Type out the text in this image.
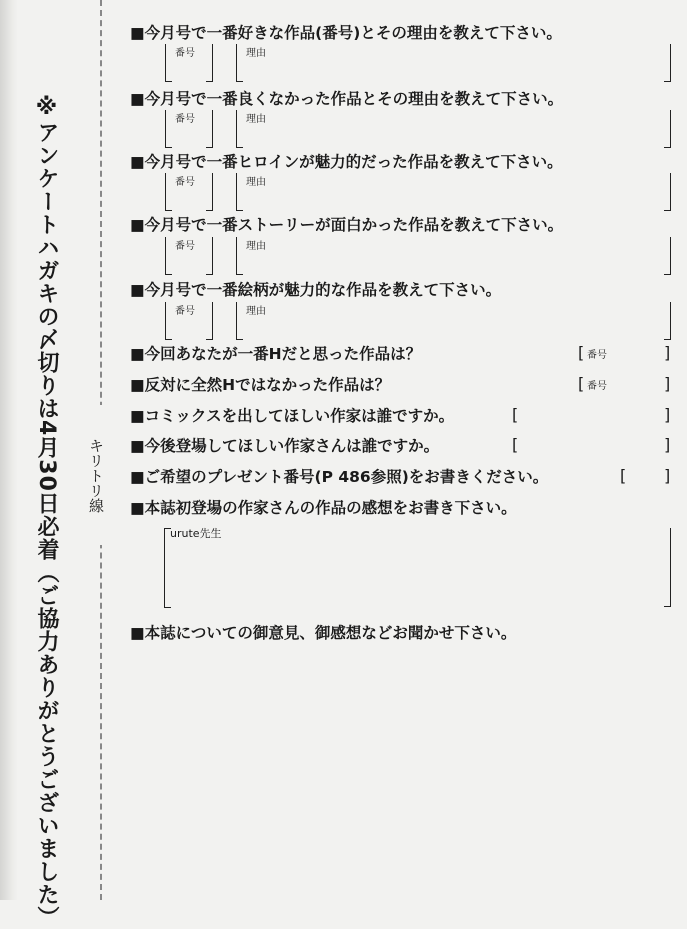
※アンケートハガキの〆切りは4月30日必着（ご協力ありがとうございました）	キリトリ線
■今月号で一番好きな作品(番号)とその理由を教えて下さい。
番号	理由
■今月号で一番良くなかった作品とその理由を教えて下さい。
番号	理由
■今月号で一番ヒロインが魅力的だった作品を教えて下さい。
番号	理由
■今月号で一番ストーリーが面白かった作品を教えて下さい。
番号	理由
■今月号で一番絵柄が魅力的な作品を教えて下さい。
番号	理由
■今回あなたが一番Hだと思った作品は？	[ 番号	]
■反対に全然Hではなかった作品は？	[ 番号	]
■コミックスを出してほしい作家は誰ですか。	[	]
■今後登場してほしい作家さんは誰ですか。	[	]
■ご希望のプレゼント番号(P 486参照)をお書きください。	[ ]
■本誌初登場の作家さんの作品の感想をお書き下さい。
urute先生
■本誌についての御意見、御感想などお聞かせ下さい。
